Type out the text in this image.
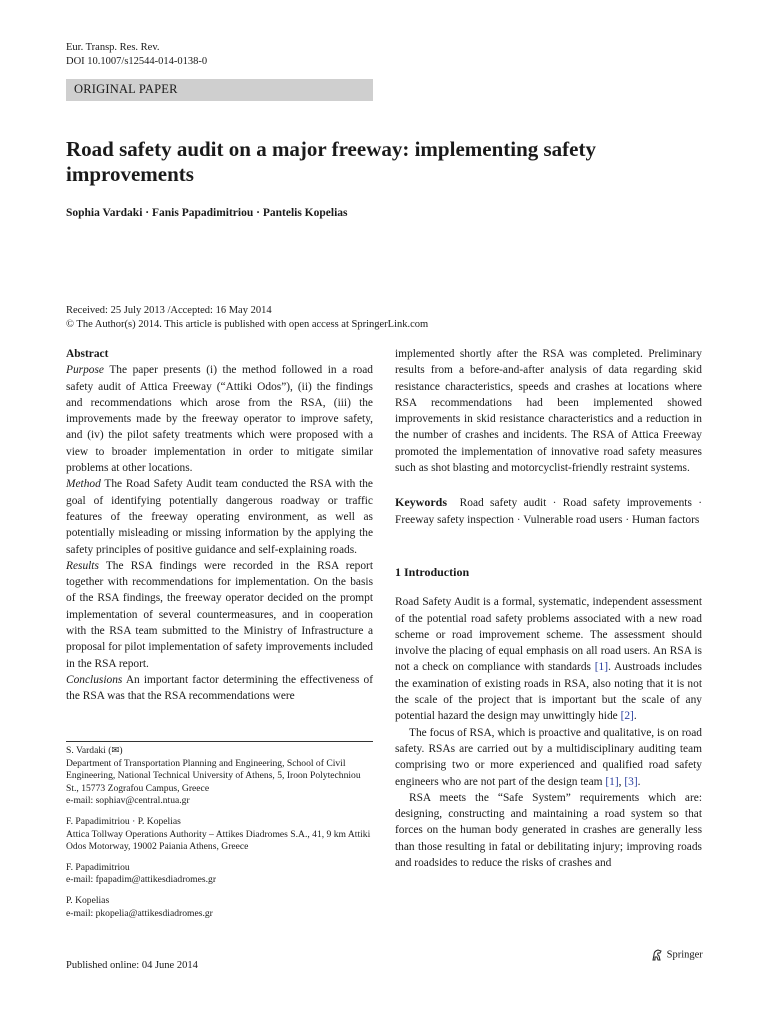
Eur. Transp. Res. Rev.
DOI 10.1007/s12544-014-0138-0
ORIGINAL PAPER
Road safety audit on a major freeway: implementing safety improvements
Sophia Vardaki · Fanis Papadimitriou · Pantelis Kopelias
Received: 25 July 2013 /Accepted: 16 May 2014
© The Author(s) 2014. This article is published with open access at SpringerLink.com

Abstract

Purpose The paper presents (i) the method followed in a road safety audit of Attica Freeway (“Attiki Odos”), (ii) the findings and recommendations which arose from the RSA, (iii) the improvements made by the freeway operator to improve safety, and (iv) the pilot safety treatments which were proposed with a view to broader implementation in order to mitigate similar problems at other locations.

Method The Road Safety Audit team conducted the RSA with the goal of identifying potentially dangerous roadway or traffic features of the freeway operating environment, as well as potentially misleading or missing information by the applying the safety principles of positive guidance and self-explaining roads.

Results The RSA findings were recorded in the RSA report together with recommendations for implementation. On the basis of the RSA findings, the freeway operator decided on the prompt implementation of several countermeasures, and in cooperation with the RSA team submitted to the Ministry of Infrastructure a proposal for pilot implementation of safety improvements included in the RSA report.

Conclusions An important factor determining the effectiveness of the RSA was that the RSA recommendations were

S. Vardaki (✉)
Department of Transportation Planning and Engineering, School of Civil Engineering, National Technical University of Athens, 5, Iroon Polytechniou St., 15773 Zografou Campus, Greece
e-mail: sophiav@central.ntua.gr
F. Papadimitriou · P. Kopelias
Attica Tollway Operations Authority – Attikes Diadromes S.A., 41, 9 km Attiki Odos Motorway, 19002 Paiania Athens, Greece
F. Papadimitriou
e-mail: fpapadim@attikesdiadromes.gr
P. Kopelias
e-mail: pkopelia@attikesdiadromes.gr

implemented shortly after the RSA was completed. Preliminary results from a before-and-after analysis of data regarding skid resistance characteristics, speeds and crashes at locations where RSA recommendations had been implemented showed improvements in skid resistance characteristics and a reduction in the number of crashes and incidents. The RSA of Attica Freeway promoted the implementation of innovative road safety measures such as shot blasting and motorcyclist-friendly restraint systems.

Keywords Road safety audit · Road safety improvements · Freeway safety inspection · Vulnerable road users · Human factors

1 Introduction

Road Safety Audit is a formal, systematic, independent assessment of the potential road safety problems associated with a new road scheme or road improvement scheme. The assessment should involve the placing of equal emphasis on all road users. An RSA is not a check on compliance with standards [1]. Austroads includes the examination of existing roads in RSA, also noting that it is not the scale of the project that is important but the scale of any potential hazard the design may unwittingly hide [2].

The focus of RSA, which is proactive and qualitative, is on road safety. RSAs are carried out by a multidisciplinary auditing team comprising two or more experienced and qualified road safety engineers who are not part of the design team [1], [3].

RSA meets the “Safe System” requirements which are: designing, constructing and maintaining a road system so that forces on the human body generated in crashes are generally less than those resulting in fatal or debilitating injury; improving roads and roadsides to reduce the risks of crashes and

Published online: 04 June 2014
Springer
